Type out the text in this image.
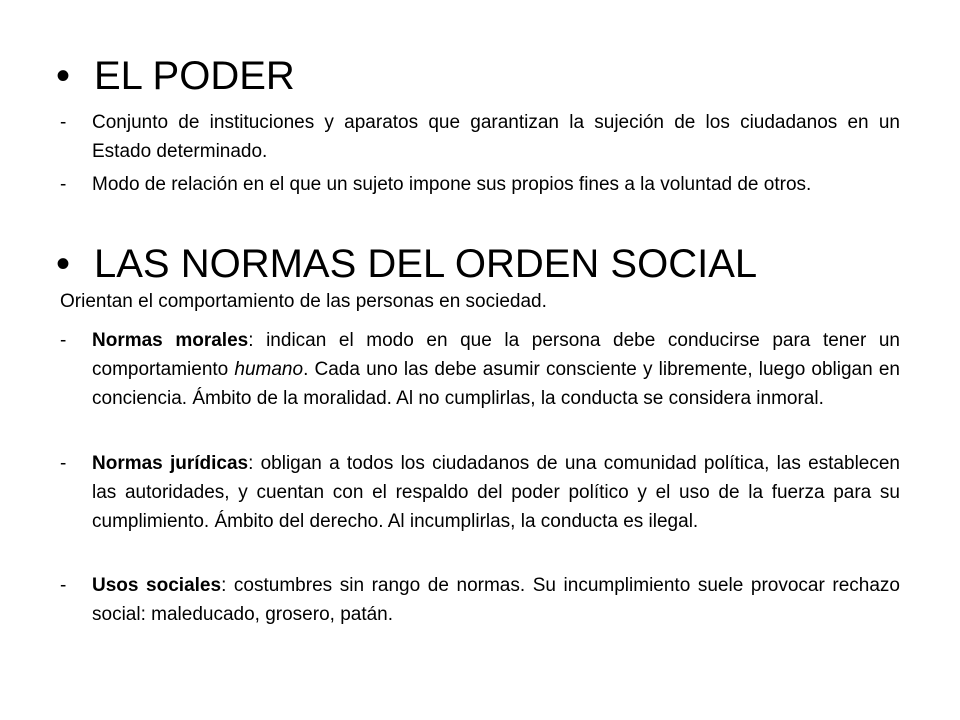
• EL PODER
- Conjunto de instituciones y aparatos que garantizan la sujeción de los ciudadanos en un Estado determinado.
- Modo de relación en el que un sujeto impone sus propios fines a la voluntad de otros.
• LAS NORMAS DEL ORDEN SOCIAL
Orientan el comportamiento de las personas en sociedad.
- Normas morales: indican el modo en que la persona debe conducirse para tener un comportamiento humano. Cada uno las debe asumir consciente y libremente, luego obligan en conciencia. Ámbito de la moralidad. Al no cumplirlas, la conducta se considera inmoral.
- Normas jurídicas: obligan a todos los ciudadanos de una comunidad política, las establecen las autoridades, y cuentan con el respaldo del poder político y el uso de la fuerza para su cumplimiento. Ámbito del derecho. Al incumplirlas, la conducta es ilegal.
- Usos sociales: costumbres sin rango de normas. Su incumplimiento suele provocar rechazo social: maleducado, grosero, patán.
